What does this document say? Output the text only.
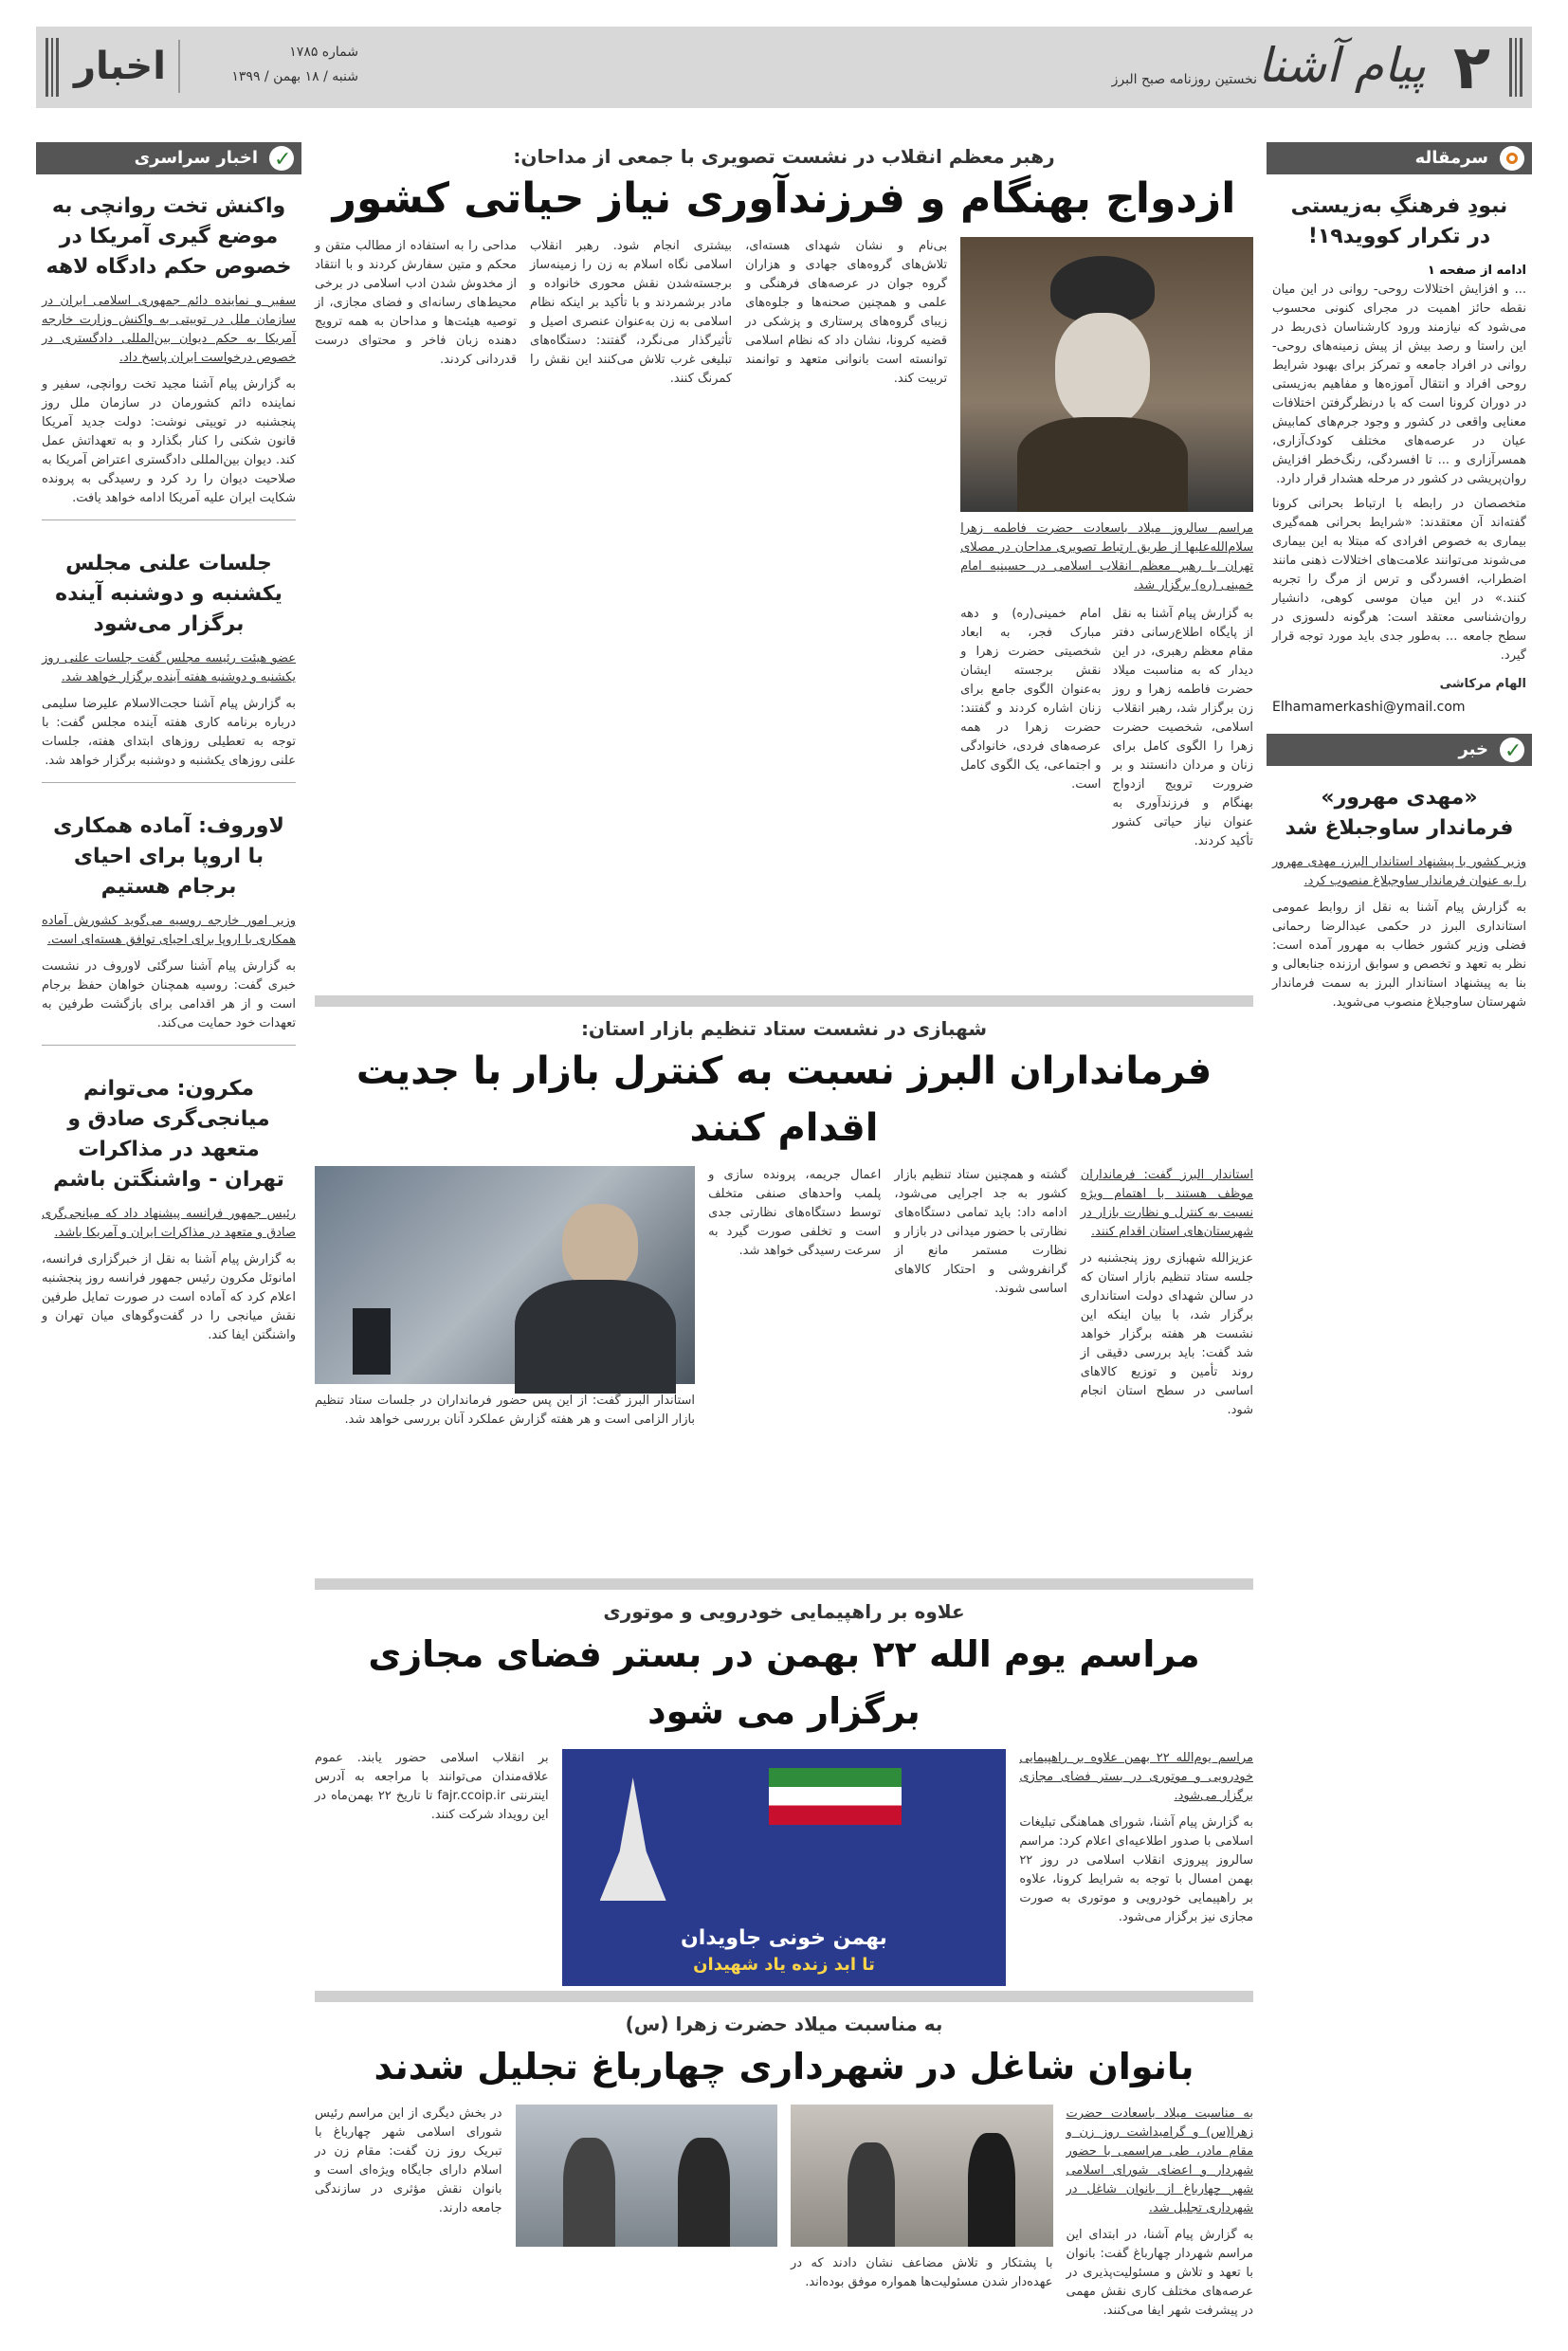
۲
پیام آشنا
نخستین روزنامه صبح البرز
شماره ۱۷۸۵
شنبه / ۱۸ بهمن / ۱۳۹۹
اخبار
سرمقاله
نبودِ فرهنگِ به‌زیستی در تکرار کووید۱۹!
ادامه از صفحه ۱
... و افزایش اختلالات روحی- روانی در این میان نقطه حائز اهمیت در مجرای کنونی محسوب می‌شود که نیازمند ورود کارشناسان ذی‌ربط در این راستا و رصد بیش از پیش زمینه‌های روحی- روانی در افراد جامعه و تمرکز برای بهبود شرایط روحی افراد و انتقال آموزه‌ها و مفاهیم به‌زیستی در دوران کرونا است که با درنظرگرفتن اختلافات معنایی واقعی در کشور و وجود جرم‌های کمابیش عیان در عرصه‌های مختلف کودک‌آزاری، همسرآزاری و ... تا افسردگی، رنگ‌خطر افزایش روان‌پریشی در کشور در مرحله هشدار قرار دارد.
متخصصان در رابطه با ارتباط بحرانی کرونا گفته‌اند آن معتقدند: «شرایط بحرانی همه‌گیری بیماری به خصوص افرادی که مبتلا به این بیماری می‌شوند می‌توانند علامت‌های اختلالات ذهنی مانند اضطراب، افسردگی و ترس از مرگ را تجربه کنند.» در این میان موسی کوهی، دانشیار روان‌شناسی معتقد است: هرگونه دلسوزی در سطح جامعه ... به‌طور جدی باید مورد توجه قرار گیرد.
الهام مرکاشی
Elhamamerkashi@ymail.com
✓
خبر
«مهدی مهرور» فرماندار ساوجبلاغ شد
وزیر کشور با پیشنهاد استاندار البرز، مهدی مهرور را به عنوان فرماندار ساوجبلاغ منصوب کرد.
به گزارش پیام آشنا به نقل از روابط عمومی استانداری البرز در حکمی عبدالرضا رحمانی فضلی وزیر کشور خطاب به مهرور آمده است: نظر به تعهد و تخصص و سوابق ارزنده جنابعالی و بنا به پیشنهاد استاندار البرز به سمت فرماندار شهرستان ساوجبلاغ منصوب می‌شوید.
✓
اخبار سراسری
واکنش تخت روانچی به موضع گیری آمریکا در خصوص حکم دادگاه لاهه
سفیر و نماینده دائم جمهوری اسلامی ایران در سازمان ملل در توییتی به واکنش وزارت خارجه آمریکا به حکم دیوان بین‌المللی دادگستری در خصوص درخواست ایران پاسخ داد.
به گزارش پیام آشنا مجید تخت روانچی، سفیر و نماینده دائم کشورمان در سازمان ملل روز پنجشنبه در توییتی نوشت: دولت جدید آمریکا قانون شکنی را کنار بگذارد و به تعهداتش عمل کند. دیوان بین‌المللی دادگستری اعتراض آمریکا به صلاحیت دیوان را رد کرد و رسیدگی به پرونده شکایت ایران علیه آمریکا ادامه خواهد یافت.
جلسات علنی مجلس یکشنبه و دوشنبه آینده برگزار می‌شود
عضو هیئت رئیسه مجلس گفت جلسات علنی روز یکشنبه و دوشنبه هفته آینده برگزار خواهد شد.
به گزارش پیام آشنا حجت‌الاسلام علیرضا سلیمی درباره برنامه کاری هفته آینده مجلس گفت: با توجه به تعطیلی روزهای ابتدای هفته، جلسات علنی روزهای یکشنبه و دوشنبه برگزار خواهد شد.
لاوروف: آماده همکاری با اروپا برای احیای برجام هستیم
وزیر امور خارجه روسیه می‌گوید کشورش آماده همکاری با اروپا برای احیای توافق هسته‌ای است.
به گزارش پیام آشنا سرگئی لاوروف در نشست خبری گفت: روسیه همچنان خواهان حفظ برجام است و از هر اقدامی برای بازگشت طرفین به تعهدات خود حمایت می‌کند.
مکرون: می‌توانم میانجی‌گری صادق و متعهد در مذاکرات تهران - واشنگتن باشم
رئیس جمهور فرانسه پیشنهاد داد که میانجی‌گری صادق و متعهد در مذاکرات ایران و آمریکا باشد.
به گزارش پیام آشنا به نقل از خبرگزاری فرانسه، امانوئل مکرون رئیس جمهور فرانسه روز پنجشنبه اعلام کرد که آماده است در صورت تمایل طرفین نقش میانجی را در گفت‌وگوهای میان تهران و واشنگتن ایفا کند.
رهبر معظم انقلاب در نشست تصویری با جمعی از مداحان:
ازدواج بهنگام و فرزندآوری نیاز حیاتی کشور
مراسم سالروز میلاد باسعادت حضرت فاطمه زهرا سلام‌الله‌علیها از طریق ارتباط تصویری مداحان در مصلای تهران با رهبر معظم انقلاب اسلامی در حسینیه امام خمینی (ره) برگزار شد.
به گزارش پیام آشنا به نقل از پایگاه اطلاع‌رسانی دفتر مقام معظم رهبری، در این دیدار که به مناسبت میلاد حضرت فاطمه زهرا و روز زن برگزار شد، رهبر انقلاب اسلامی، شخصیت حضرت زهرا را الگوی کامل برای زنان و مردان دانستند و بر ضرورت ترویج ازدواج بهنگام و فرزندآوری به عنوان نیاز حیاتی کشور تأکید کردند.
امام خمینی(ره) و دهه مبارک فجر، به ابعاد شخصیتی حضرت زهرا و نقش برجسته ایشان به‌عنوان الگوی جامع برای زنان اشاره کردند و گفتند: حضرت زهرا در همه عرصه‌های فردی، خانوادگی و اجتماعی، یک الگوی کامل است.
بی‌نام و نشان شهدای هسته‌ای، تلاش‌های گروه‌های جهادی و هزاران گروه جوان در عرصه‌های فرهنگی و علمی و همچنین صحنه‌ها و جلوه‌های زیبای گروه‌های پرستاری و پزشکی در قضیه کرونا، نشان داد که نظام اسلامی توانسته است بانوانی متعهد و توانمند تربیت کند.
بیشتری انجام شود. رهبر انقلاب اسلامی نگاه اسلام به زن را زمینه‌ساز برجسته‌شدن نقش محوری خانواده و مادر برشمردند و با تأکید بر اینکه نظام اسلامی به زن به‌عنوان عنصری اصیل و تأثیرگذار می‌نگرد، گفتند: دستگاه‌های تبلیغی غرب تلاش می‌کنند این نقش را کمرنگ کنند.
مداحی را به استفاده از مطالب متقن و محکم و متین سفارش کردند و با انتقاد از مخدوش شدن ادب اسلامی در برخی محیط‌های رسانه‌ای و فضای مجازی، از توصیه هیئت‌ها و مداحان به همه ترویج دهنده زبان فاخر و محتوای درست قدردانی کردند.
شهبازی در نشست ستاد تنظیم بازار استان:
فرمانداران البرز نسبت به کنترل بازار با جدیت اقدام کنند
استاندار البرز گفت: فرمانداران موظف هستند با اهتمام ویژه نسبت به کنترل و نظارت بازار در شهرستان‌های استان اقدام کنند.
عزیزالله شهبازی روز پنجشنبه در جلسه ستاد تنظیم بازار استان که در سالن شهدای دولت استانداری برگزار شد، با بیان اینکه این نشست هر هفته برگزار خواهد شد گفت: باید بررسی دقیقی از روند تأمین و توزیع کالاهای اساسی در سطح استان انجام شود.
گشته و همچنین ستاد تنظیم بازار کشور به جد اجرایی می‌شود، ادامه داد: باید تمامی دستگاه‌های نظارتی با حضور میدانی در بازار و نظارت مستمر مانع از گرانفروشی و احتکار کالاهای اساسی شوند.
اعمال جریمه، پرونده سازی و پلمب واحدهای صنفی متخلف توسط دستگاه‌های نظارتی جدی است و تخلفی صورت گیرد به سرعت رسیدگی خواهد شد.
استاندار البرز گفت: از این پس حضور فرمانداران در جلسات ستاد تنظیم بازار الزامی است و هر هفته گزارش عملکرد آنان بررسی خواهد شد.
علاوه بر راهپیمایی خودرویی و موتوری
مراسم یوم الله ۲۲ بهمن در بستر فضای مجازی برگزار می شود
مراسم یوم‌الله ۲۲ بهمن علاوه بر راهپیمایی خودرویی و موتوری در بستر فضای مجازی برگزار می‌شود.
به گزارش پیام آشنا، شورای هماهنگی تبلیغات اسلامی با صدور اطلاعیه‌ای اعلام کرد: مراسم سالروز پیروزی انقلاب اسلامی در روز ۲۲ بهمن امسال با توجه به شرایط کرونا، علاوه بر راهپیمایی خودرویی و موتوری به صورت مجازی نیز برگزار می‌شود.
بهمن خونی جاویدان
تا ابد زنده یاد شهیدان
بر انقلاب اسلامی حضور یابند. عموم علاقه‌مندان می‌توانند با مراجعه به آدرس اینترنتی fajr.ccoip.ir تا تاریخ ۲۲ بهمن‌ماه در این رویداد شرکت کنند.
به مناسبت میلاد حضرت زهرا (س)
بانوان شاغل در شهرداری چهارباغ تجلیل شدند
به مناسبت میلاد باسعادت حضرت زهرا(س) و گرامیداشت روز زن و مقام مادر، طی مراسمی با حضور شهردار و اعضای شورای اسلامی شهر چهارباغ از بانوان شاغل در شهرداری تجلیل شد.
به گزارش پیام آشنا، در ابتدای این مراسم شهردار چهارباغ گفت: بانوان با تعهد و تلاش و مسئولیت‌پذیری در عرصه‌های مختلف کاری نقش مهمی در پیشرفت شهر ایفا می‌کنند.
با پشتکار و تلاش مضاعف نشان دادند که در عهده‌دار شدن مسئولیت‌ها همواره موفق بوده‌اند.
در بخش دیگری از این مراسم رئیس شورای اسلامی شهر چهارباغ با تبریک روز زن گفت: مقام زن در اسلام دارای جایگاه ویژه‌ای است و بانوان نقش مؤثری در سازندگی جامعه دارند.
